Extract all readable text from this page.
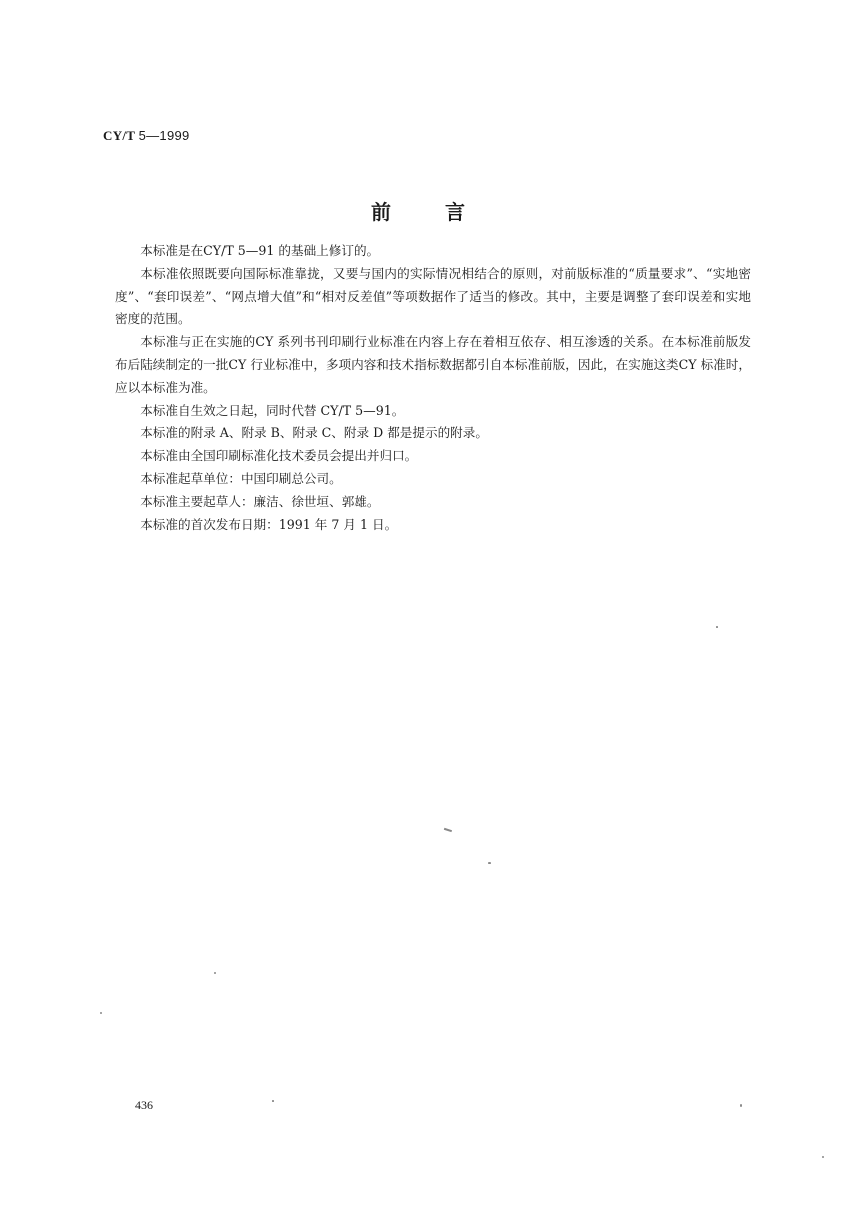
CY/T 5—1999
前言

本标准是在CY/T 5—91 的基础上修订的。

本标准依照既要向国际标准靠拢，又要与国内的实际情况相结合的原则，对前版标准的“质量要求”、“实地密度”、“套印误差”、“网点增大值”和“相对反差值”等项数据作了适当的修改。其中，主要是调整了套印误差和实地密度的范围。

本标准与正在实施的CY 系列书刊印刷行业标准在内容上存在着相互依存、相互渗透的关系。在本标准前版发布后陆续制定的一批CY 行业标准中，多项内容和技术指标数据都引自本标准前版，因此，在实施这类CY 标准时，应以本标准为准。

本标准自生效之日起，同时代替 CY/T 5—91。

本标准的附录 A、附录 B、附录 C、附录 D 都是提示的附录。

本标准由全国印刷标准化技术委员会提出并归口。

本标准起草单位：中国印刷总公司。

本标准主要起草人：廉洁、徐世垣、郭雄。

本标准的首次发布日期：1991 年 7 月 1 日。

436
